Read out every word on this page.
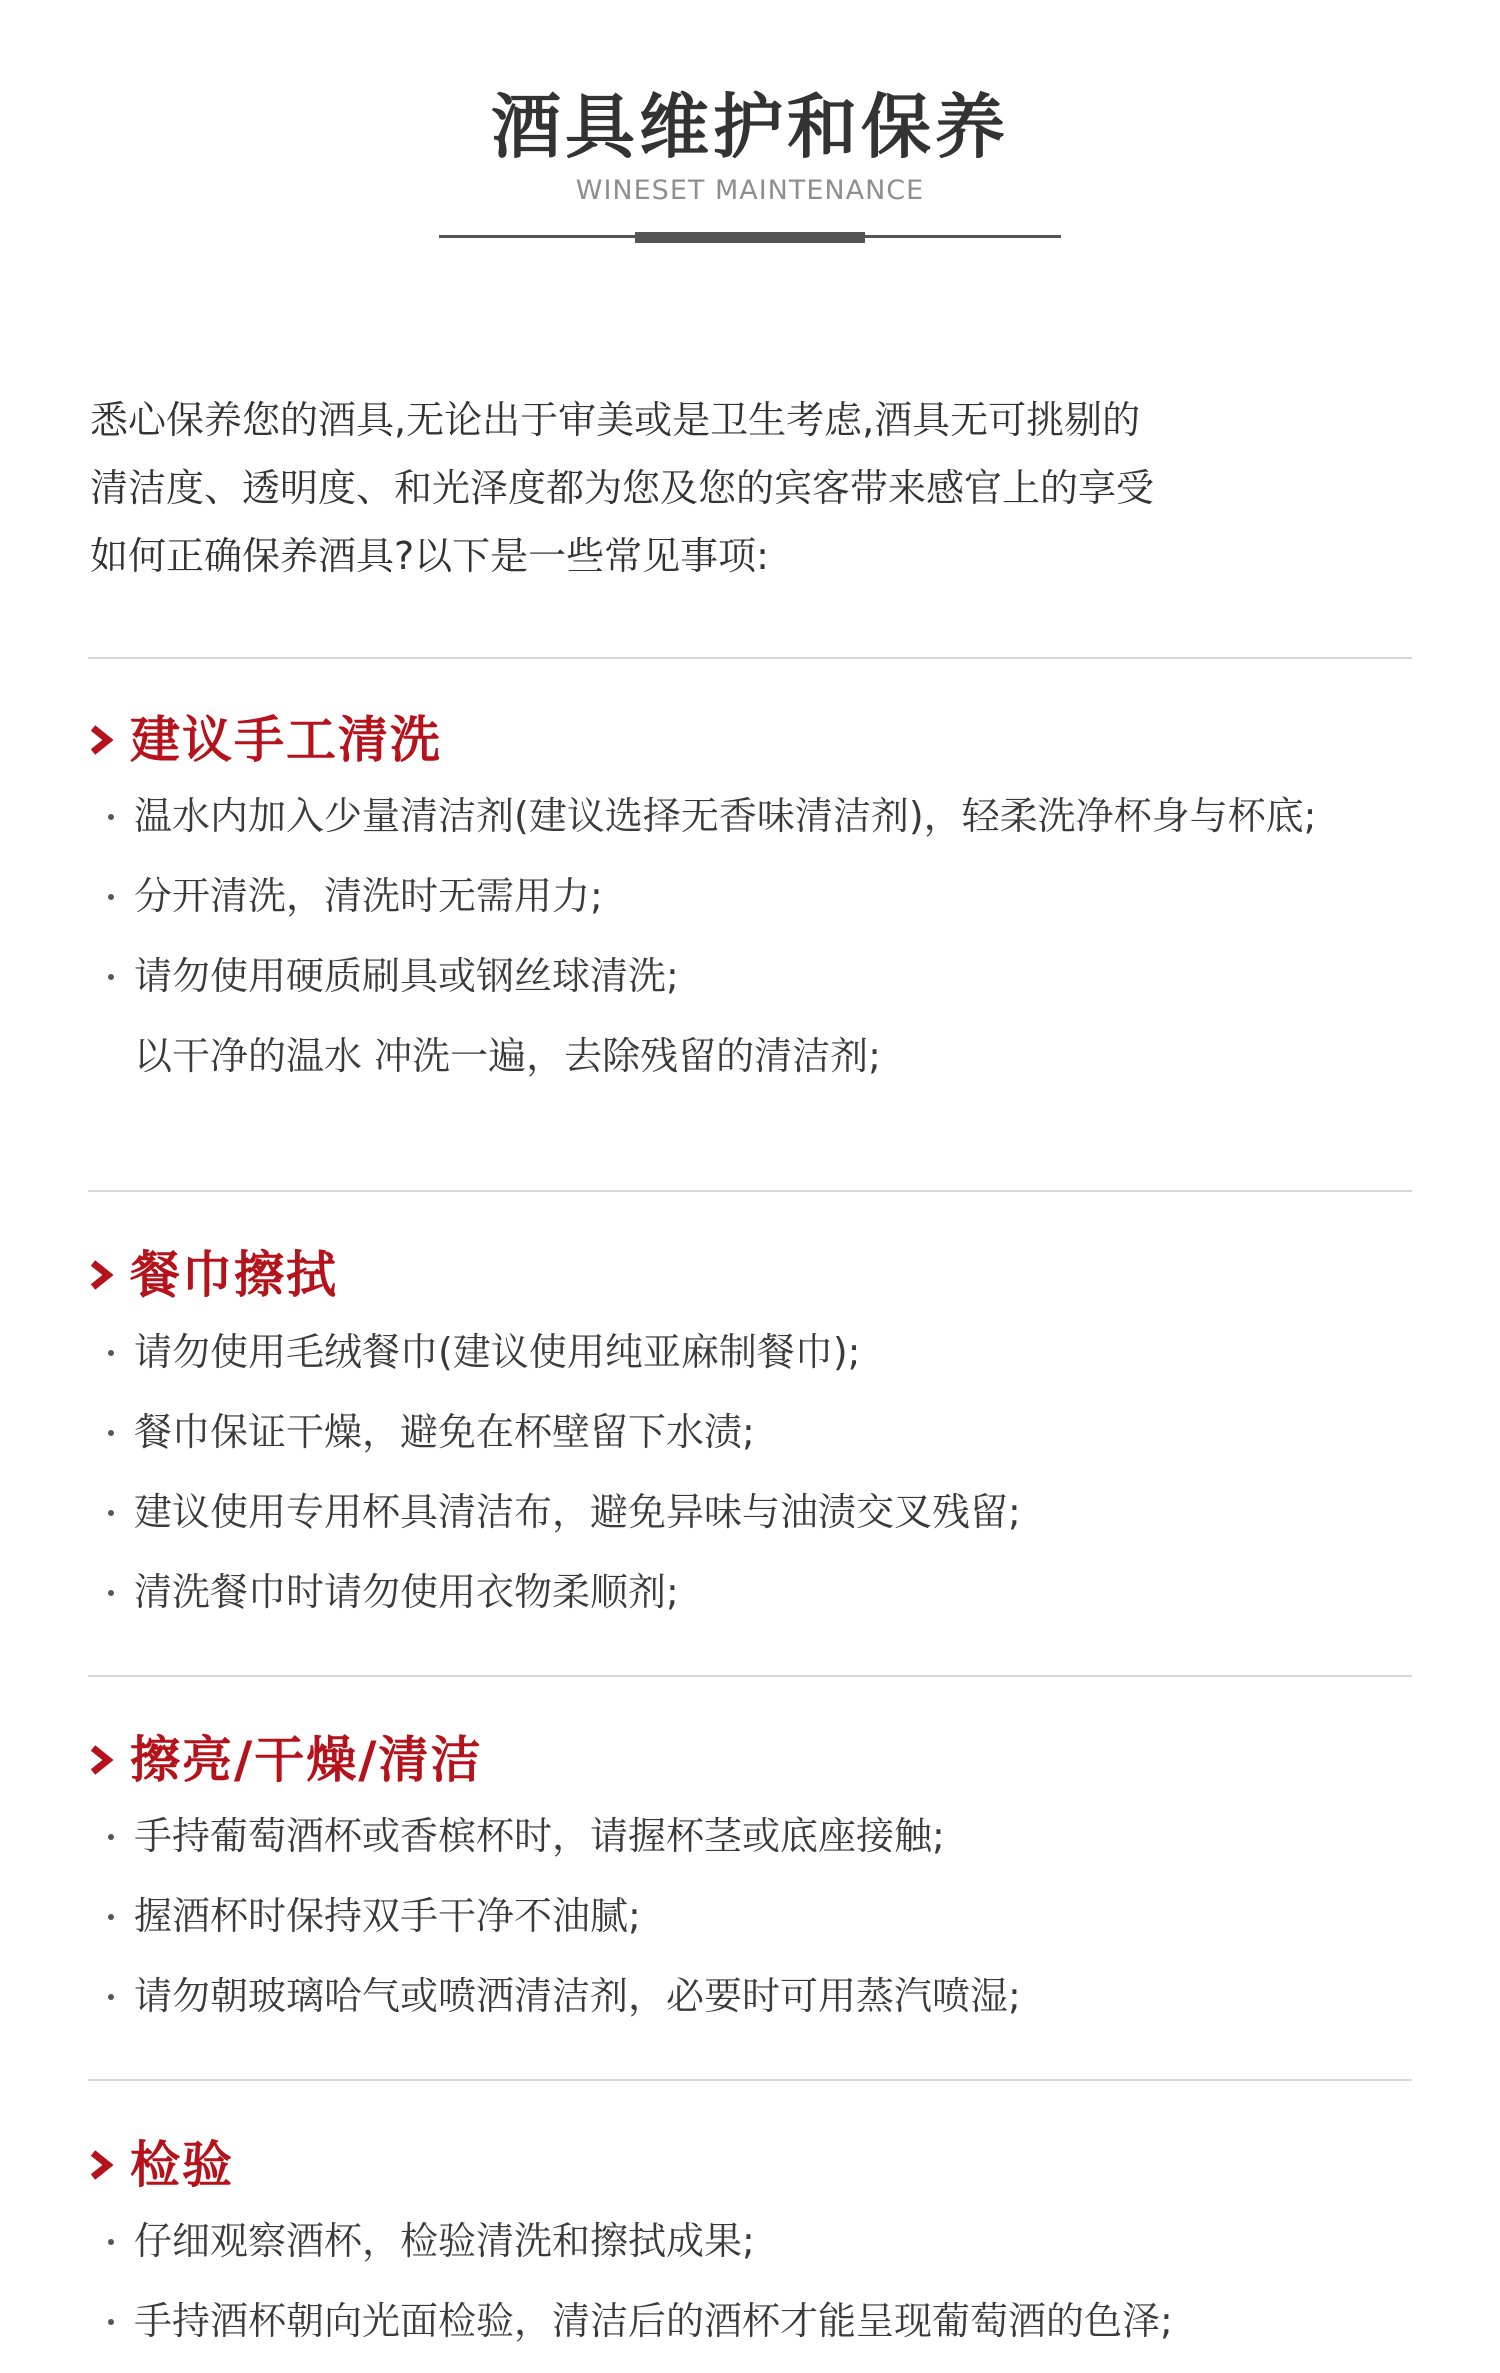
酒具维护和保养
WINESET MAINTENANCE

悉心保养您的酒具,无论出于审美或是卫生考虑,酒具无可挑剔的

清洁度、透明度、和光泽度都为您及您的宾客带来感官上的享受

如何正确保养酒具?以下是一些常见事项:

建议手工清洗
温水内加入少量清洁剂(建议选择无香味清洁剂)，轻柔洗净杯身与杯底;
分开清洗，清洗时无需用力;
请勿使用硬质刷具或钢丝球清洗;
以干净的温水 冲洗一遍，去除残留的清洁剂;
餐巾擦拭
请勿使用毛绒餐巾(建议使用纯亚麻制餐巾);
餐巾保证干燥，避免在杯壁留下水渍;
建议使用专用杯具清洁布，避免异味与油渍交叉残留;
清洗餐巾时请勿使用衣物柔顺剂;
擦亮/干燥/清洁
手持葡萄酒杯或香槟杯时，请握杯茎或底座接触;
握酒杯时保持双手干净不油腻;
请勿朝玻璃哈气或喷洒清洁剂，必要时可用蒸汽喷湿;
检验
仔细观察酒杯，检验清洗和擦拭成果;
手持酒杯朝向光面检验，清洁后的酒杯才能呈现葡萄酒的色泽;
